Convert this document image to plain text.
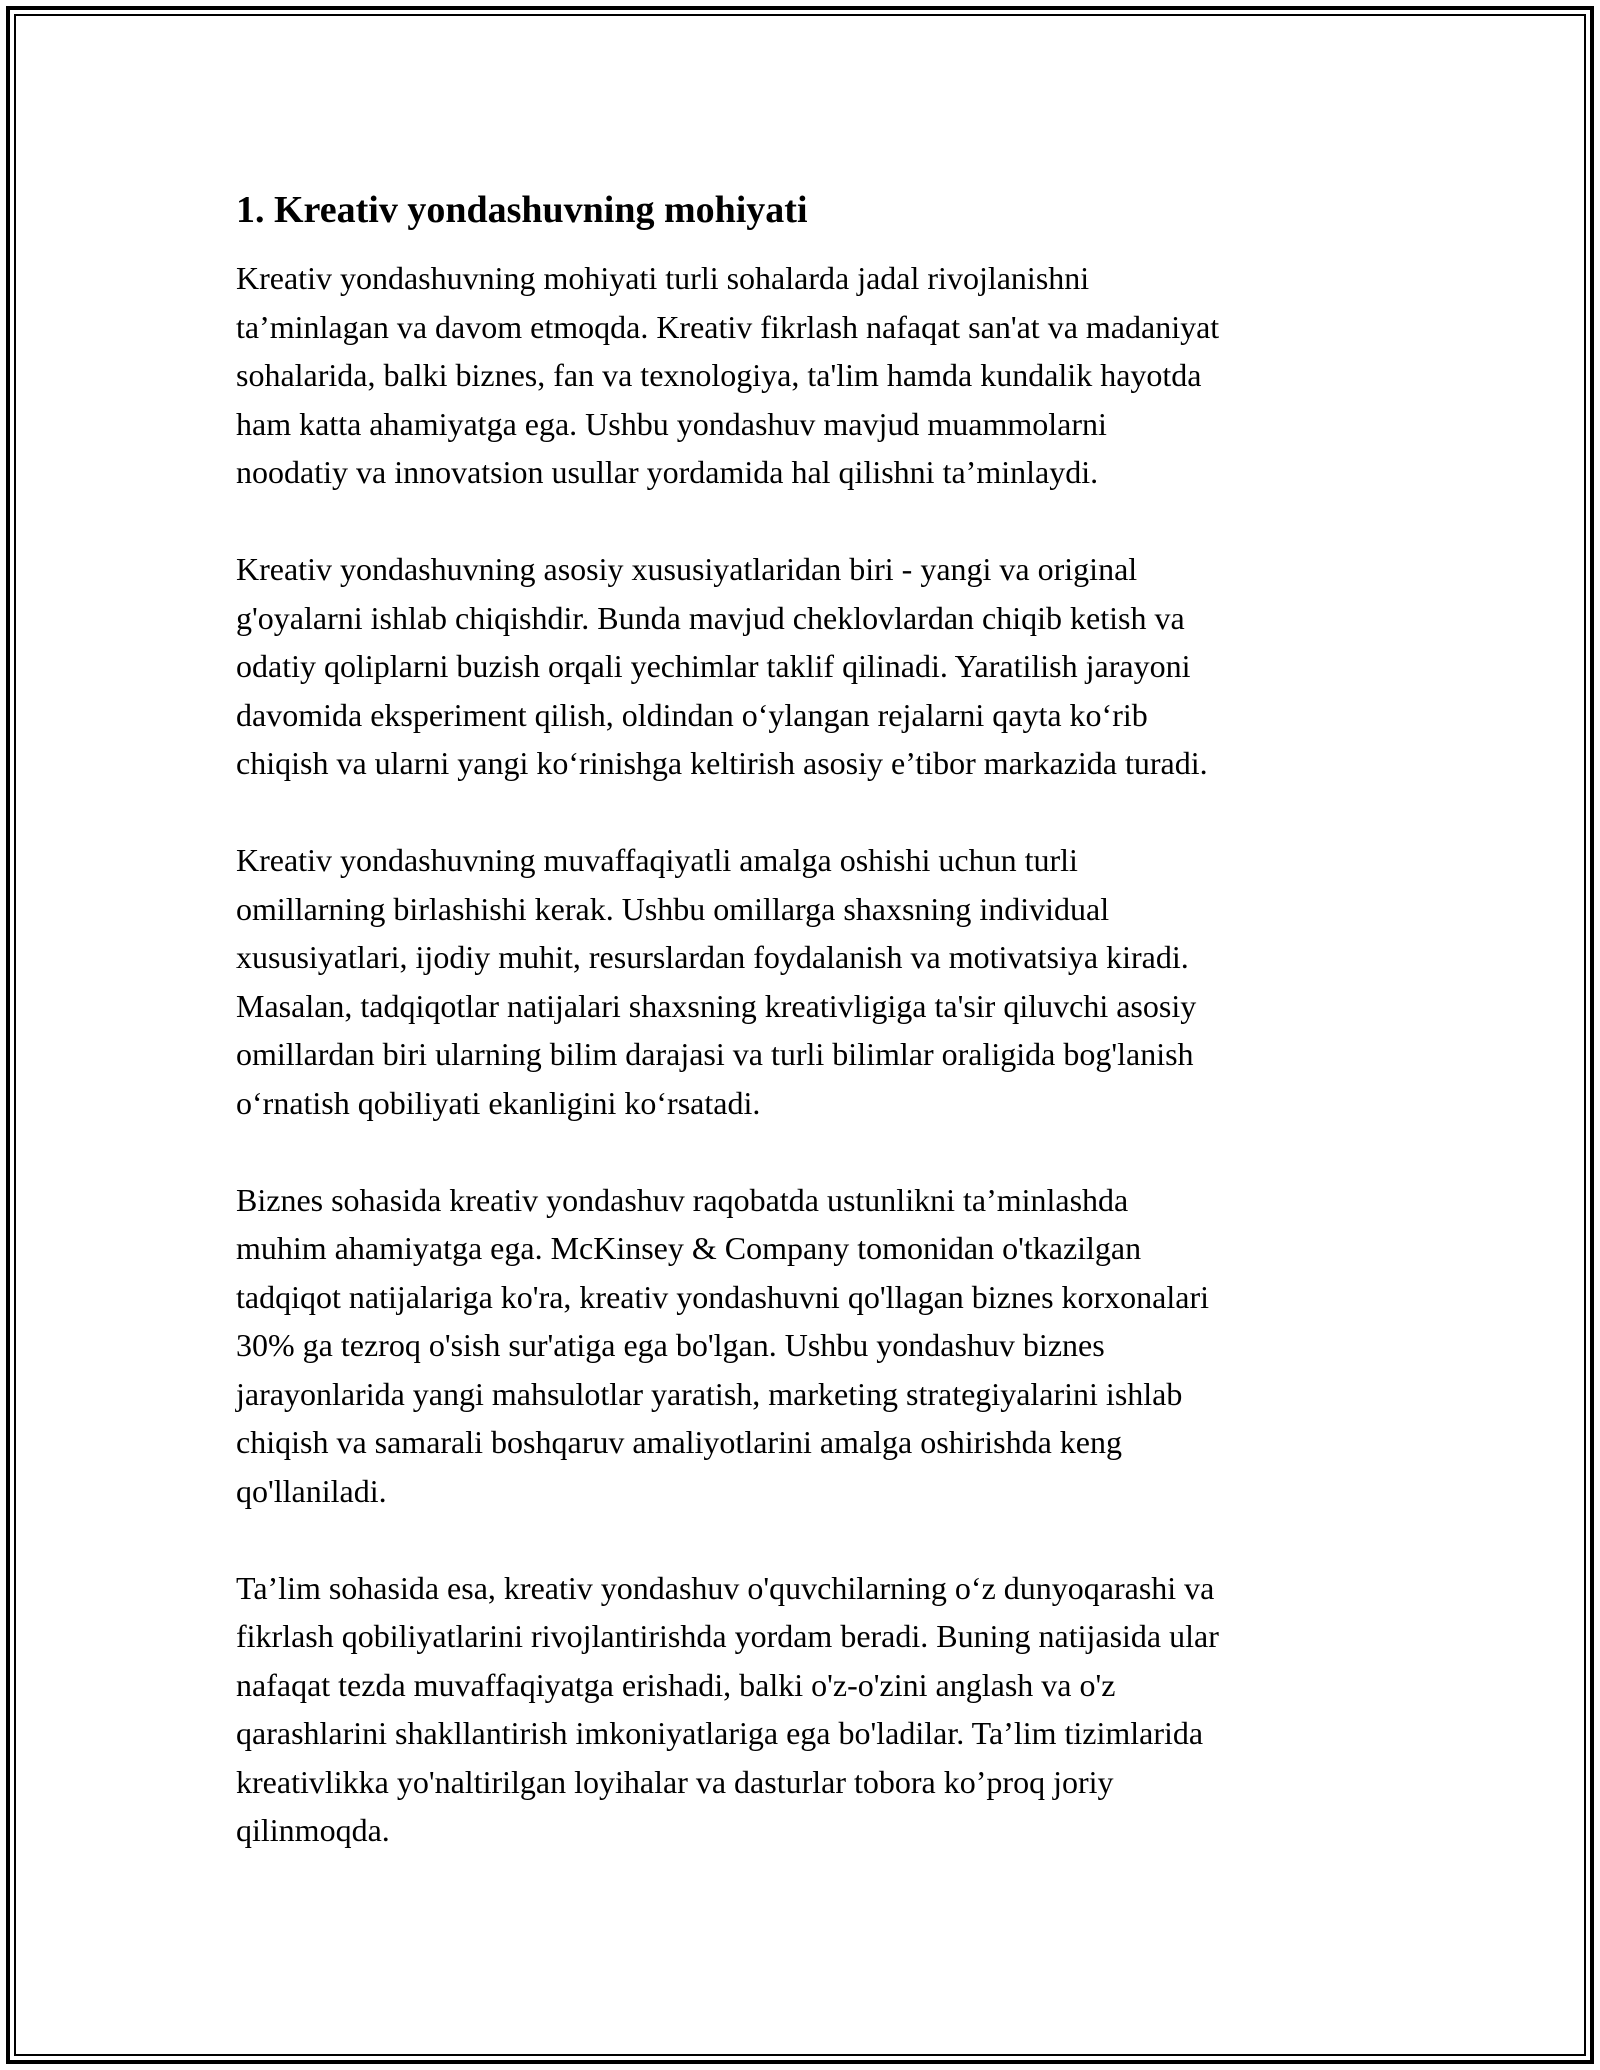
1. Kreativ yondashuvning mohiyati

Kreativ yondashuvning mohiyati turli sohalarda jadal rivojlanishni
ta’minlagan va davom etmoqda. Kreativ fikrlash nafaqat san'at va madaniyat
sohalarida, balki biznes, fan va texnologiya, ta'lim hamda kundalik hayotda
ham katta ahamiyatga ega. Ushbu yondashuv mavjud muammolarni
noodatiy va innovatsion usullar yordamida hal qilishni ta’minlaydi.

Kreativ yondashuvning asosiy xususiyatlaridan biri - yangi va original
g'oyalarni ishlab chiqishdir. Bunda mavjud cheklovlardan chiqib ketish va
odatiy qoliplarni buzish orqali yechimlar taklif qilinadi. Yaratilish jarayoni
davomida eksperiment qilish, oldindan o‘ylangan rejalarni qayta ko‘rib
chiqish va ularni yangi ko‘rinishga keltirish asosiy e’tibor markazida turadi.

Kreativ yondashuvning muvaffaqiyatli amalga oshishi uchun turli
omillarning birlashishi kerak. Ushbu omillarga shaxsning individual
xususiyatlari, ijodiy muhit, resurslardan foydalanish va motivatsiya kiradi.
Masalan, tadqiqotlar natijalari shaxsning kreativligiga ta'sir qiluvchi asosiy
omillardan biri ularning bilim darajasi va turli bilimlar oraligida bog'lanish
o‘rnatish qobiliyati ekanligini ko‘rsatadi.

Biznes sohasida kreativ yondashuv raqobatda ustunlikni ta’minlashda
muhim ahamiyatga ega. McKinsey & Company tomonidan o'tkazilgan
tadqiqot natijalariga ko'ra, kreativ yondashuvni qo'llagan biznes korxonalari
30% ga tezroq o'sish sur'atiga ega bo'lgan. Ushbu yondashuv biznes
jarayonlarida yangi mahsulotlar yaratish, marketing strategiyalarini ishlab
chiqish va samarali boshqaruv amaliyotlarini amalga oshirishda keng
qo'llaniladi.

Ta’lim sohasida esa, kreativ yondashuv o'quvchilarning o‘z dunyoqarashi va
fikrlash qobiliyatlarini rivojlantirishda yordam beradi. Buning natijasida ular
nafaqat tezda muvaffaqiyatga erishadi, balki o'z-o'zini anglash va o'z
qarashlarini shakllantirish imkoniyatlariga ega bo'ladilar. Ta’lim tizimlarida
kreativlikka yo'naltirilgan loyihalar va dasturlar tobora ko’proq joriy
qilinmoqda.
